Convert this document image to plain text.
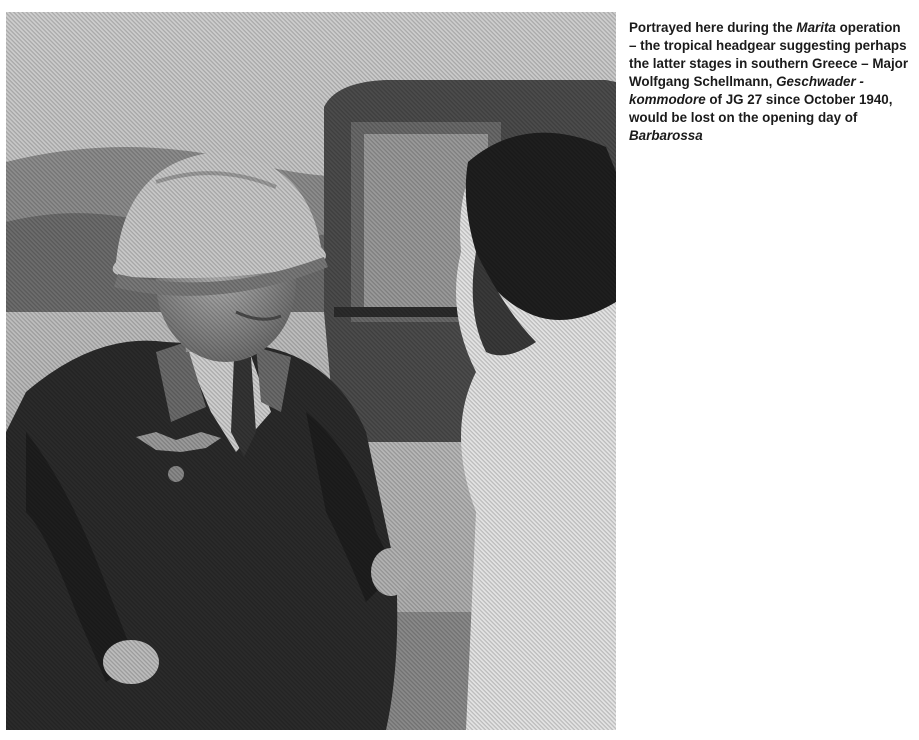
Portrayed here during the Marita operation – the tropical headgear suggesting perhaps the latter stages in southern Greece – Major Wolfgang Schellmann, Geschwader - kommodore of JG 27 since October 1940, would be lost on the opening day of Barbarossa
